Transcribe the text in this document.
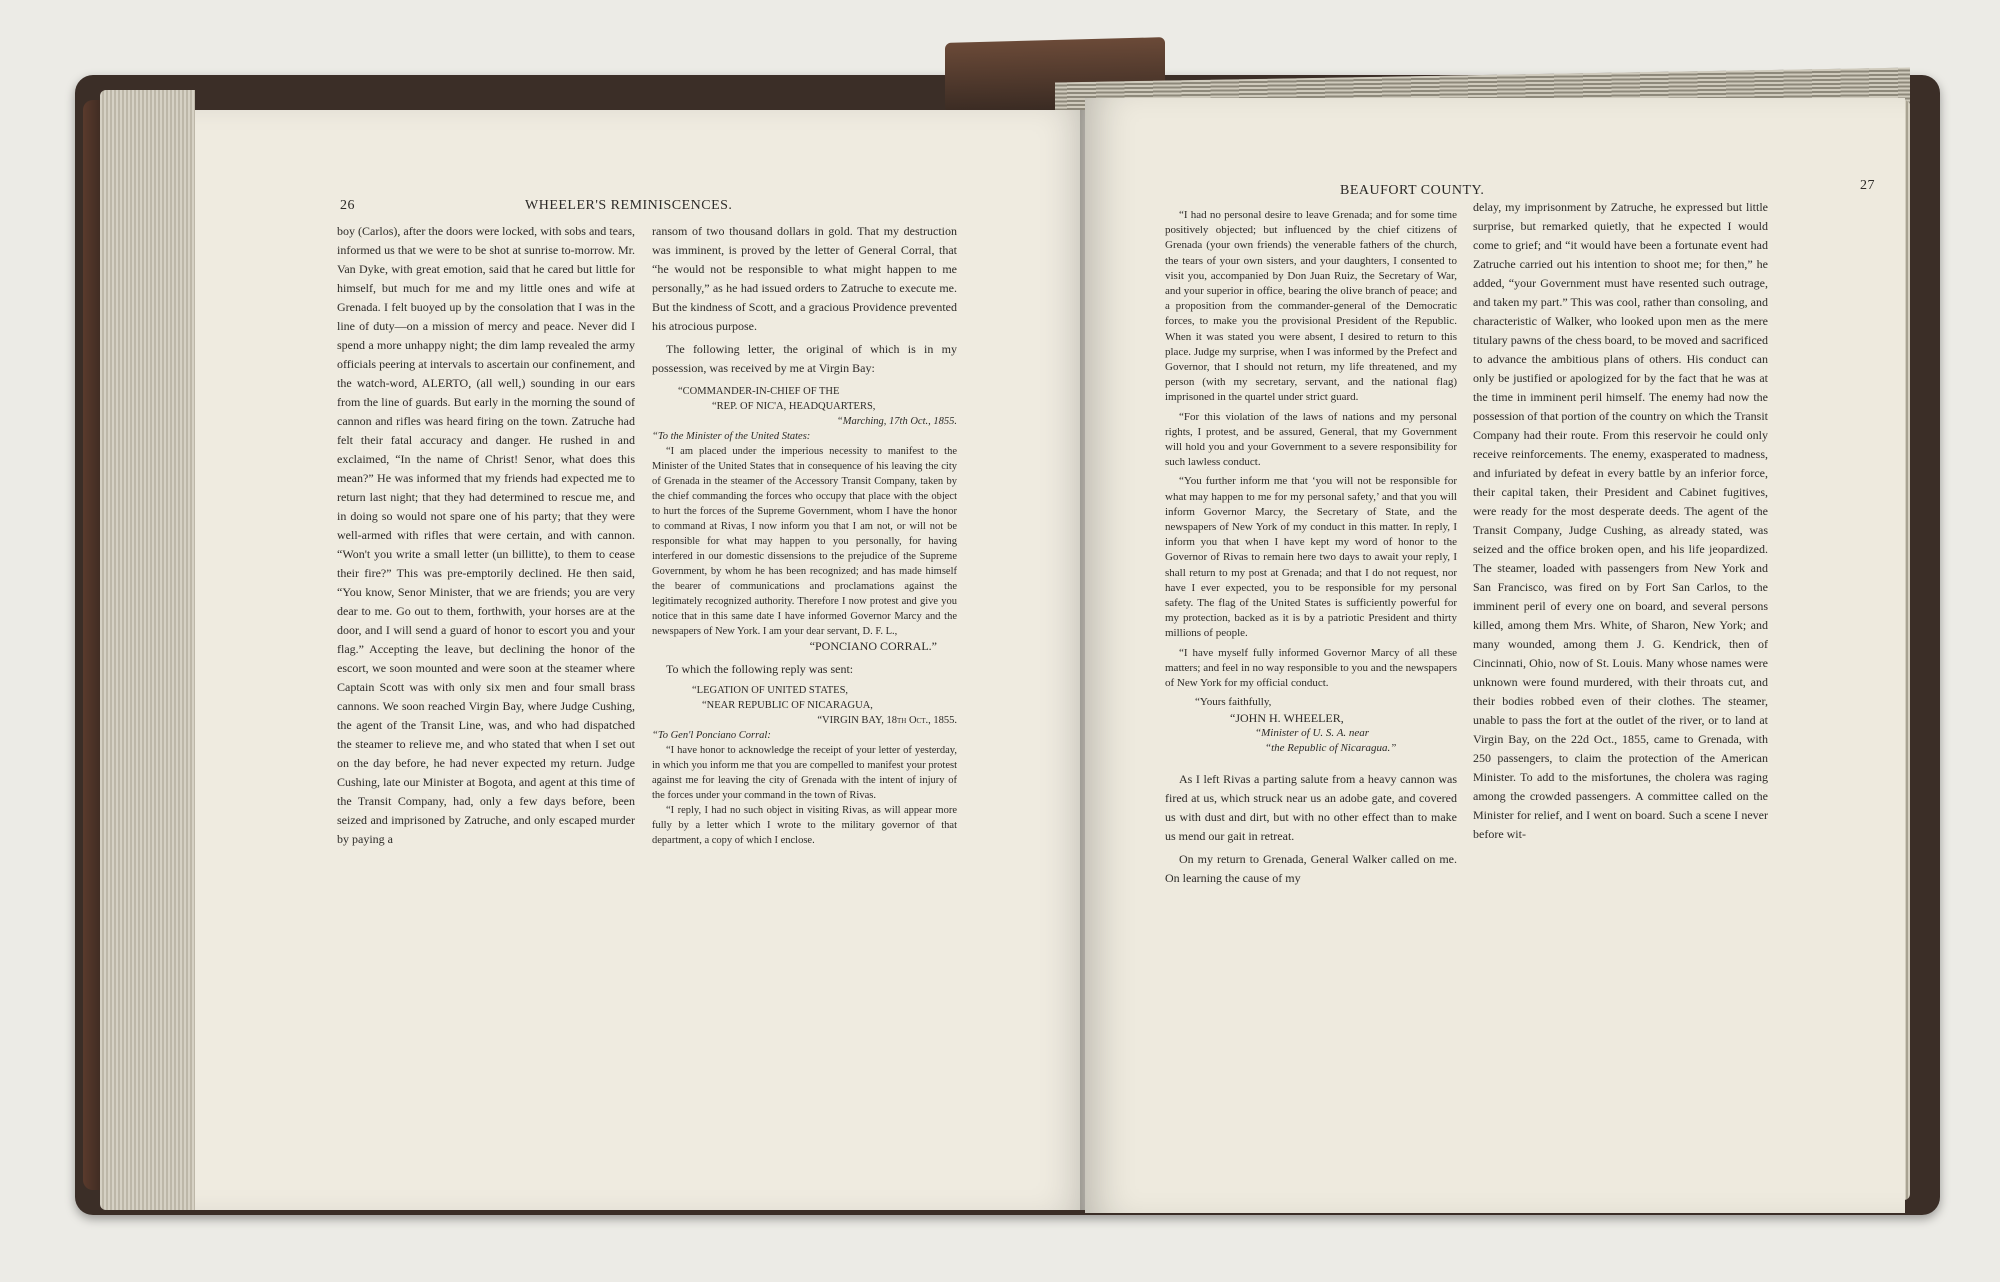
26	WHEELER'S REMINISCENCES.

boy (Carlos), after the doors were locked, with sobs and tears, informed us that we were to be shot at sunrise to-morrow. Mr. Van Dyke, with great emotion, said that he cared but little for himself, but much for me and my little ones and wife at Grenada. I felt buoyed up by the consolation that I was in the line of duty—on a mission of mercy and peace. Never did I spend a more unhappy night; the dim lamp revealed the army officials peering at intervals to ascertain our confinement, and the watch-word, ALERTO, (all well,) sounding in our ears from the line of guards. But early in the morning the sound of cannon and rifles was heard firing on the town. Zatruche had felt their fatal accuracy and danger. He rushed in and exclaimed, “In the name of Christ! Senor, what does this mean?” He was informed that my friends had expected me to return last night; that they had determined to rescue me, and in doing so would not spare one of his party; that they were well-armed with rifles that were certain, and with cannon. “Won't you write a small letter (un billitte), to them to cease their fire?” This was pre-emptorily declined. He then said, “You know, Senor Minister, that we are friends; you are very dear to me. Go out to them, forthwith, your horses are at the door, and I will send a guard of honor to escort you and your flag.” Accepting the leave, but declining the honor of the escort, we soon mounted and were soon at the steamer where Captain Scott was with only six men and four small brass cannons. We soon reached Virgin Bay, where Judge Cushing, the agent of the Transit Line, was, and who had dispatched the steamer to relieve me, and who stated that when I set out on the day before, he had never expected my return. Judge Cushing, late our Minister at Bogota, and agent at this time of the Transit Company, had, only a few days before, been seized and imprisoned by Zatruche, and only escaped murder by paying a

ransom of two thousand dollars in gold. That my destruction was imminent, is proved by the letter of General Corral, that “he would not be responsible to what might happen to me personally,” as he had issued orders to Zatruche to execute me. But the kindness of Scott, and a gracious Providence prevented his atrocious purpose.

The following letter, the original of which is in my possession, was received by me at Virgin Bay:

“COMMANDER-IN-CHIEF OF THE
“REP. OF NIC'A, HEADQUARTERS,
“Marching, 17th Oct., 1855.
“To the Minister of the United States:

“I am placed under the imperious necessity to manifest to the Minister of the United States that in consequence of his leaving the city of Grenada in the steamer of the Accessory Transit Company, taken by the chief commanding the forces who occupy that place with the object to hurt the forces of the Supreme Government, whom I have the honor to command at Rivas, I now inform you that I am not, or will not be responsible for what may happen to you personally, for having interfered in our domestic dissensions to the prejudice of the Supreme Government, by whom he has been recognized; and has made himself the bearer of communications and proclamations against the legitimately recognized authority. Therefore I now protest and give you notice that in this same date I have informed Governor Marcy and the newspapers of New York. I am your dear servant, D. F. L.,

“PONCIANO CORRAL.”

To which the following reply was sent:

“LEGATION OF UNITED STATES,
“NEAR REPUBLIC OF NICARAGUA,
“VIRGIN BAY, 18th Oct., 1855.
“To Gen'l Ponciano Corral:

“I have honor to acknowledge the receipt of your letter of yesterday, in which you inform me that you are compelled to manifest your protest against me for leaving the city of Grenada with the intent of injury of the forces under your command in the town of Rivas.

“I reply, I had no such object in visiting Rivas, as will appear more fully by a letter which I wrote to the military governor of that department, a copy of which I enclose.

BEAUFORT COUNTY.	27

“I had no personal desire to leave Grenada; and for some time positively objected; but influenced by the chief citizens of Grenada (your own friends) the venerable fathers of the church, the tears of your own sisters, and your daughters, I consented to visit you, accompanied by Don Juan Ruiz, the Secretary of War, and your superior in office, bearing the olive branch of peace; and a proposition from the commander-general of the Democratic forces, to make you the provisional President of the Republic. When it was stated you were absent, I desired to return to this place. Judge my surprise, when I was informed by the Prefect and Governor, that I should not return, my life threatened, and my person (with my secretary, servant, and the national flag) imprisoned in the quartel under strict guard.

“For this violation of the laws of nations and my personal rights, I protest, and be assured, General, that my Government will hold you and your Government to a severe responsibility for such lawless conduct.

“You further inform me that ‘you will not be responsible for what may happen to me for my personal safety,’ and that you will inform Governor Marcy, the Secretary of State, and the newspapers of New York of my conduct in this matter. In reply, I inform you that when I have kept my word of honor to the Governor of Rivas to remain here two days to await your reply, I shall return to my post at Grenada; and that I do not request, nor have I ever expected, you to be responsible for my personal safety. The flag of the United States is sufficiently powerful for my protection, backed as it is by a patriotic President and thirty millions of people.

“I have myself fully informed Governor Marcy of all these matters; and feel in no way responsible to you and the newspapers of New York for my official conduct.

“Yours faithfully,
“JOHN H. WHEELER,
“Minister of U. S. A. near
“the Republic of Nicaragua.”

As I left Rivas a parting salute from a heavy cannon was fired at us, which struck near us an adobe gate, and covered us with dust and dirt, but with no other effect than to make us mend our gait in retreat.

On my return to Grenada, General Walker called on me. On learning the cause of my

delay, my imprisonment by Zatruche, he expressed but little surprise, but remarked quietly, that he expected I would come to grief; and “it would have been a fortunate event had Zatruche carried out his intention to shoot me; for then,” he added, “your Government must have resented such outrage, and taken my part.” This was cool, rather than consoling, and characteristic of Walker, who looked upon men as the mere titulary pawns of the chess board, to be moved and sacrificed to advance the ambitious plans of others. His conduct can only be justified or apologized for by the fact that he was at the time in imminent peril himself. The enemy had now the possession of that portion of the country on which the Transit Company had their route. From this reservoir he could only receive reinforcements. The enemy, exasperated to madness, and infuriated by defeat in every battle by an inferior force, their capital taken, their President and Cabinet fugitives, were ready for the most desperate deeds. The agent of the Transit Company, Judge Cushing, as already stated, was seized and the office broken open, and his life jeopardized. The steamer, loaded with passengers from New York and San Francisco, was fired on by Fort San Carlos, to the imminent peril of every one on board, and several persons killed, among them Mrs. White, of Sharon, New York; and many wounded, among them J. G. Kendrick, then of Cincinnati, Ohio, now of St. Louis. Many whose names were unknown were found murdered, with their throats cut, and their bodies robbed even of their clothes. The steamer, unable to pass the fort at the outlet of the river, or to land at Virgin Bay, on the 22d Oct., 1855, came to Grenada, with 250 passengers, to claim the protection of the American Minister. To add to the misfortunes, the cholera was raging among the crowded passengers. A committee called on the Minister for relief, and I went on board. Such a scene I never before wit-
